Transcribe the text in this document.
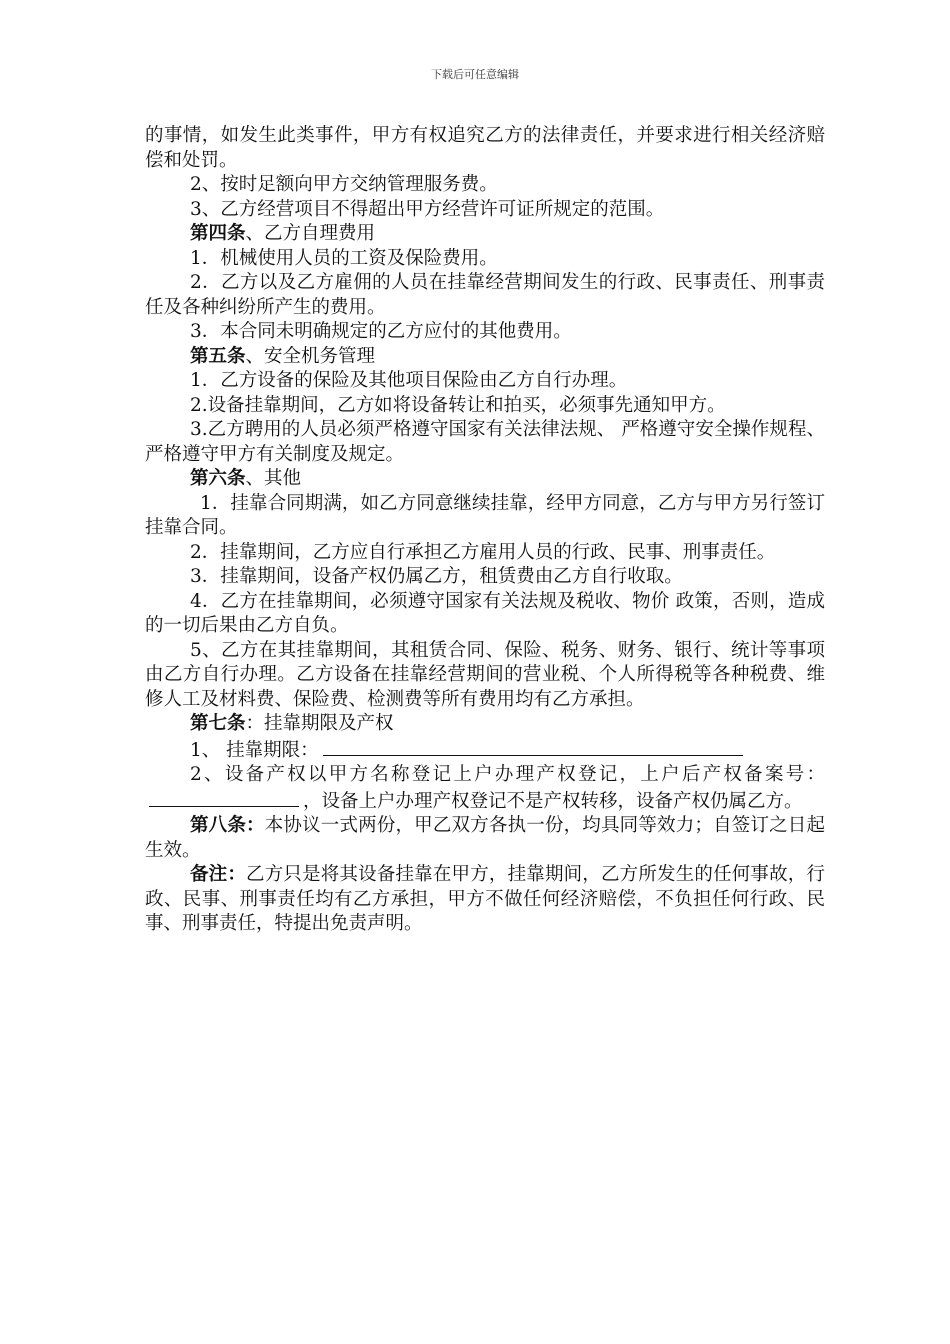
下载后可任意编辑

的事情，如发生此类事件，甲方有权追究乙方的法律责任，并要求进行相关经济赔偿和处罚。

2、按时足额向甲方交纳管理服务费。

3、乙方经营项目不得超出甲方经营许可证所规定的范围。

第四条、乙方自理费用

1．机械使用人员的工资及保险费用。

2．乙方以及乙方雇佣的人员在挂靠经营期间发生的行政、民事责任、刑事责任及各种纠纷所产生的费用。

3．本合同未明确规定的乙方应付的其他费用。

第五条、安全机务管理

1．乙方设备的保险及其他项目保险由乙方自行办理。

2.设备挂靠期间，乙方如将设备转让和拍买，必须事先通知甲方。

3.乙方聘用的人员必须严格遵守国家有关法律法规、 严格遵守安全操作规程、严格遵守甲方有关制度及规定。

第六条、其他

1．挂靠合同期满，如乙方同意继续挂靠，经甲方同意，乙方与甲方另行签订挂靠合同。

2．挂靠期间，乙方应自行承担乙方雇用人员的行政、民事、刑事责任。

3．挂靠期间，设备产权仍属乙方，租赁费由乙方自行收取。

4．乙方在挂靠期间，必须遵守国家有关法规及税收、物价 政策，否则，造成的一切后果由乙方自负。

5、乙方在其挂靠期间，其租赁合同、保险、税务、财务、银行、统计等事项由乙方自行办理。乙方设备在挂靠经营期间的营业税、个人所得税等各种税费、维修人工及材料费、保险费、检测费等所有费用均有乙方承担。

第七条：挂靠期限及产权

1、 挂靠期限：

2、设备产权以甲方名称登记上户办理产权登记，上户后产权备案号：，设备上户办理产权登记不是产权转移，设备产权仍属乙方。

第八条：本协议一式两份，甲乙双方各执一份，均具同等效力；自签订之日起生效。

备注：乙方只是将其设备挂靠在甲方，挂靠期间，乙方所发生的任何事故，行政、民事、刑事责任均有乙方承担，甲方不做任何经济赔偿，不负担任何行政、民事、刑事责任，特提出免责声明。
